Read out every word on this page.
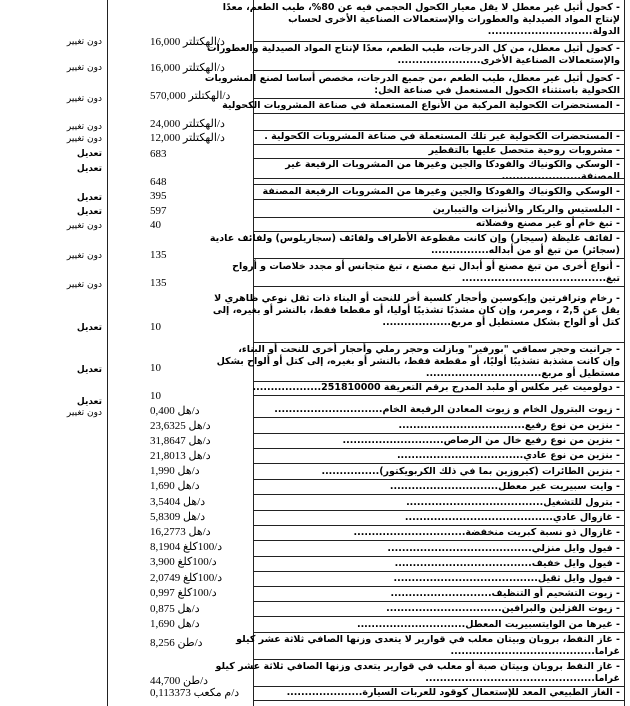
- كحول أثيل غير معطل لا يقل معيار الكحول الحجمي فيه عن 80%، طيب الطعم، معدًا
لإنتاج المواد الصيدلية والعطورات والإستعمالات الصناعية الأخرى لحساب
الدولة.............................
16,000 د/الهكتلتر
دون تغيير
- كحول أثيل معطل، من كل الدرجات، طيب الطعم، معدًا لإنتاج المواد الصيدلية والعطورات
والإستعمالات الصناعية الأخرى.......................
16,000 د/الهكتلتر
دون تغيير
- كحول أثيل غير معطل، طيب الطعم ،من جميع الدرجات، مخصص أساسا لصنع المشروبات
الكحولية باستثناء الكحول المستعمل في صناعة الخل:
570,000 د/الهكتلتر
دون تغيير
- المستحضرات الكحولية المركبة من الأنواع المستعملة في صناعة المشروبات الكحولية
24,000 د/الهكتلتر
دون تغيير
- المستحضرات الكحولية غير تلك المستعملة في صناعة المشروبات الكحولية .
12,000 د/الهكتلتر
دون تغيير
- مشروبات روحية متحصل عليها بالتقطير
683
تعديل
- الوسكي والكونياك والفودكا والجين وغيرها من المشروبات الرفيعة غير
المصنفة......................
تعديل
648
- الوسكي والكونياك والفودكا والجين وغيرها من المشروبات الرفيعة المصنفة
395
تعديل
- البلستيس والريكار والأنيزات والتيبارين
597
تعديل
- تبغ خام أو غير مصنع وفضلاته
40
دون تغيير
- لفائف غليظة (سيجار) وإن كانت مقطوعة الأطراف ولفائف (سجاريلوس) ولفائف عادية
(سجائر) من تبغ أو من أبداله................
135
دون تغيير
- أنواع أخرى من تبغ مصنع أو أبدال تبغ مصنع ، تبغ متجانس أو مجدد خلاصات و أرواح
تبغ........................................
135
دون تغيير
- رخام وترافرتين وإيكوسين وأحجار كلسية أخر للنحت أو البناء ذات ثقل نوعي ظاهري لا
يقل عن 2,5 ، ومرمر، وإن كان مشذبًا تشذيبًا أوليا، أو مقطعا فقط، بالنشر أو بغيره، إلى
كتل أو ألواح بشكل مستطيل أو مربع...................
10
تعديل
- جرانيت وحجر سماقي "بورفير" وبازلت وحجر رملي وأحجار أخرى للنحت أو البناء،
وإن كانت مشذبة تشذيبًا أوليًا، أو مقطعة فقط، بالنشر أو بغيره، إلى كتل أو ألواح بشكل
مستطيل أو مربع................................
10
تعديل
- دولوميت غير مكلس أو ملبد المدرج برقم التعريفة 251810000...................
10
تعديل
- زيوت البترول الخام و زيوت المعادن الرفيعة الخام..............................
0,400 د/هل
دون تغيير
- بنزين من نوع رفيع...................................
23,6325 د/هل
- بنزين من نوع رفيع خال من الرصاص............................
31,8647 د/هل
- بنزين من نوع عادي...................................
21,8013 د/هل
- بنزين الطائرات (كيروزين بما في ذلك الكربويكتور)................
1,990 د/هل
- وايت سبيريت غير معطل..............................
1,690 د/هل
- بترول للتشغيل......................................
3,5404 د/هل
- غازوال عادي.........................................
5,8309 د/هل
- غازوال ذو نسبة كبريت منخفضة...............................
16,2773 د/هل
- فيول وايل منزلي........................................
8,1904 د/100كلغ
- فيول وايل خفيف......................................
3,900 د/100كلغ
- فيول وايل ثقيل........................................
2,0749 د/100كلغ
- زيوت التشحيم أو التنظيف............................
0,997 د/100كلغ
- زيوت الفزلين والبرافين................................
0,875 د/هل
- غيرها من الوايتسبيريت المعطل..............................
1,690 د/هل
- غاز النفط، بروبان وبيتان معلب في قوارير لا يتعدى وزنها الصافي ثلاثة عشر كيلو
غراما........................................
8,256 د/طن
- غاز النفط بروبان وبيتان صبة أو معلب في قوارير يتعدى وزنها الصافي ثلاثة عشر كيلو
غراما...............................................
44,700 د/طن
- الغاز الطبيعي المعد للإستعمال كوقود للعربات السيارة.....................
0,113373 د/م مكعب
